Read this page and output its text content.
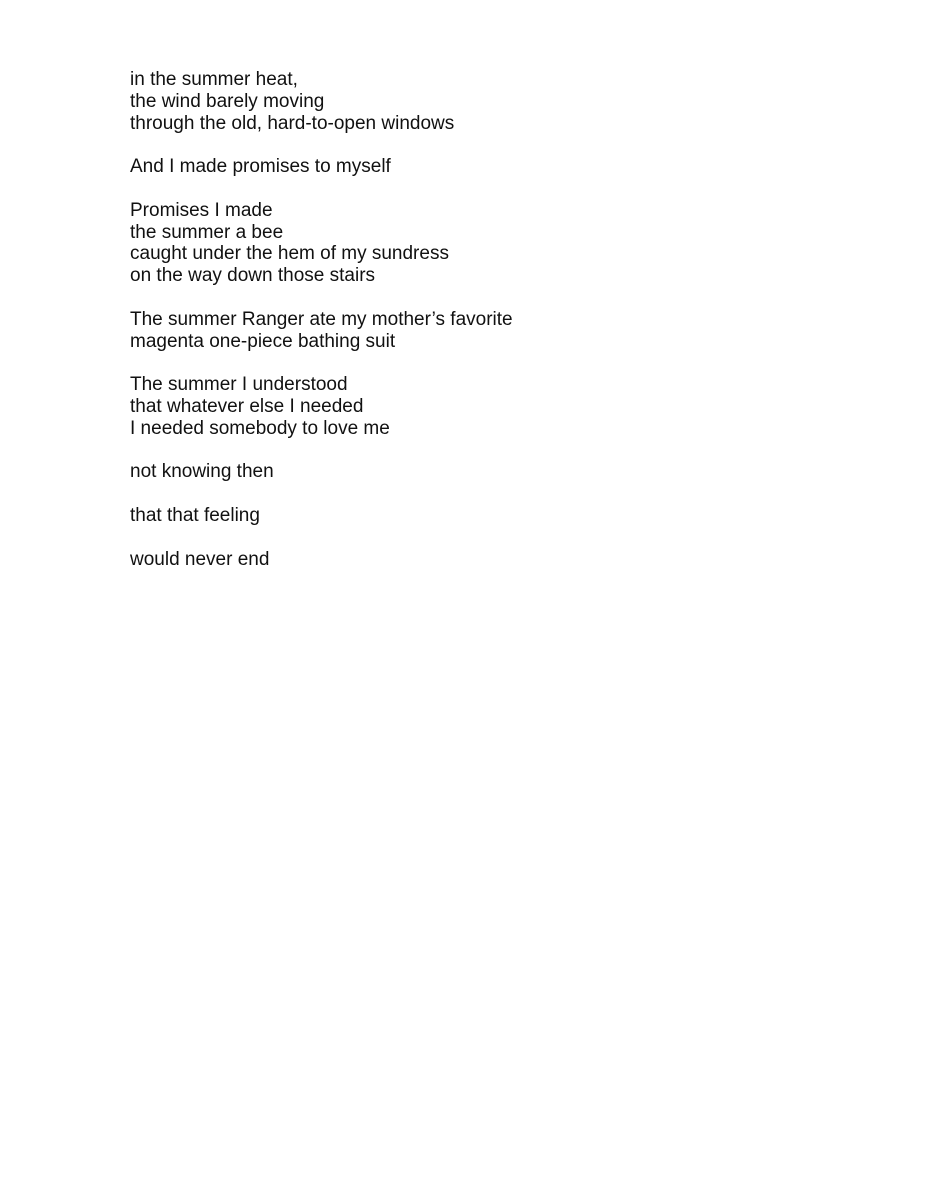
in the summer heat,
the wind barely moving
through the old, hard-to-open windows
And I made promises to myself
Promises I made
the summer a bee
caught under the hem of my sundress
on the way down those stairs
The summer Ranger ate my mother’s favorite
magenta one-piece bathing suit
The summer I understood
that whatever else I needed
I needed somebody to love me
not knowing then
that that feeling
would never end
